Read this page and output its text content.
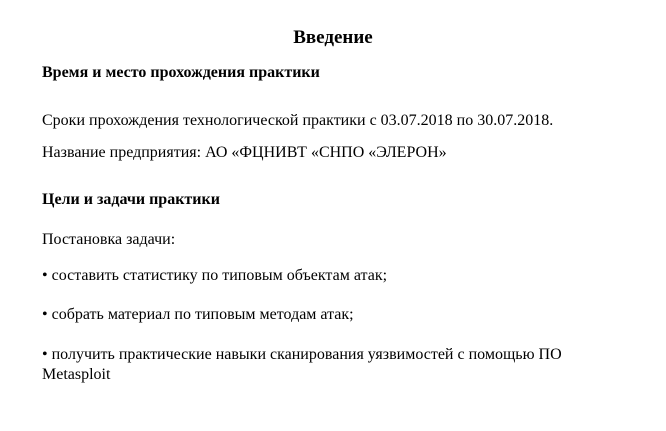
Введение
Время и место прохождения практики

Сроки прохождения технологической практики с 03.07.2018 по 30.07.2018.

Название предприятия: АО «ФЦНИВТ «СНПО «ЭЛЕРОН»

Цели и задачи практики

Постановка задачи:

• составить статистику по типовым объектам атак;

• собрать материал по типовым методам атак;

• получить практические навыки сканирования уязвимостей с помощью ПО Metasploit
